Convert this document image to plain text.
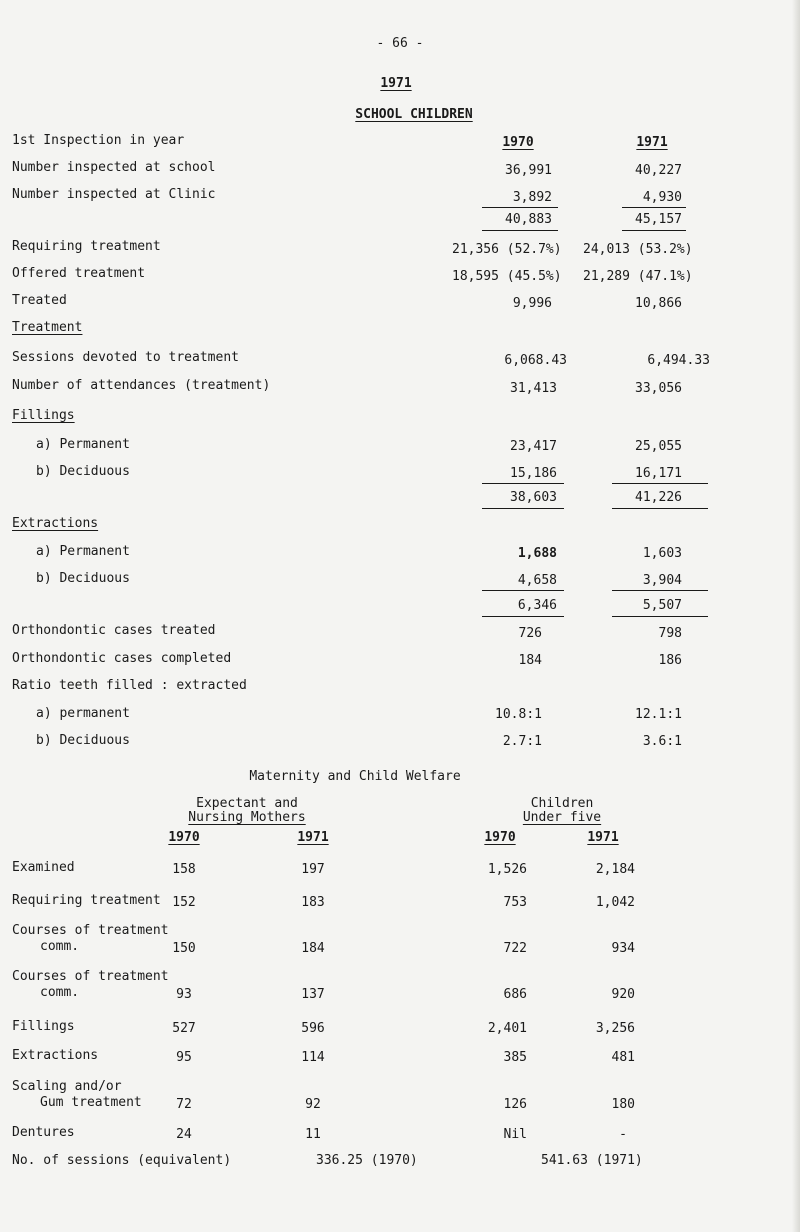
- 66 -
1971
SCHOOL CHILDREN
1st Inspection in year	1970	1971
Number inspected at school	36,991	40,227
Number inspected at Clinic	3,892	4,930
40,883	45,157
Requiring treatment	21,356 (52.7%) 24,013 (53.2%)
Offered treatment	18,595 (45.5%) 21,289 (47.1%)
Treated	9,996	10,866
Treatment
Sessions devoted to treatment	6,068.43	6,494.33
Number of attendances (treatment)	31,413	33,056
Fillings
a) Permanent	23,417	25,055
b) Deciduous	15,186	16,171
38,603	41,226
Extractions
a) Permanent	1,688	1,603
b) Deciduous	4,658	3,904
6,346	5,507
Orthondontic cases treated	726	798
Orthondontic cases completed	184	186
Ratio teeth filled : extracted
a) permanent	10.8:1	12.1:1
b) Deciduous	2.7:1	3.6:1
Maternity and Child Welfare
Expectant and
Nursing Mothers
Children
Under five
1970	1971	1970	1971
Examined	158	197	1,526	2,184
Requiring treatment 152	183	753	1,042
Courses of treatment
comm.	150	184	722	934
Courses of treatment
comm.	93	137	686	920
Fillings	527	596	2,401	3,256
Extractions	95	114	385	481
Scaling and/or
Gum treatment	72	92	126	180
Dentures	24	11	Nil	-
No. of sessions (equivalent)	336.25 (1970)	541.63 (1971)
